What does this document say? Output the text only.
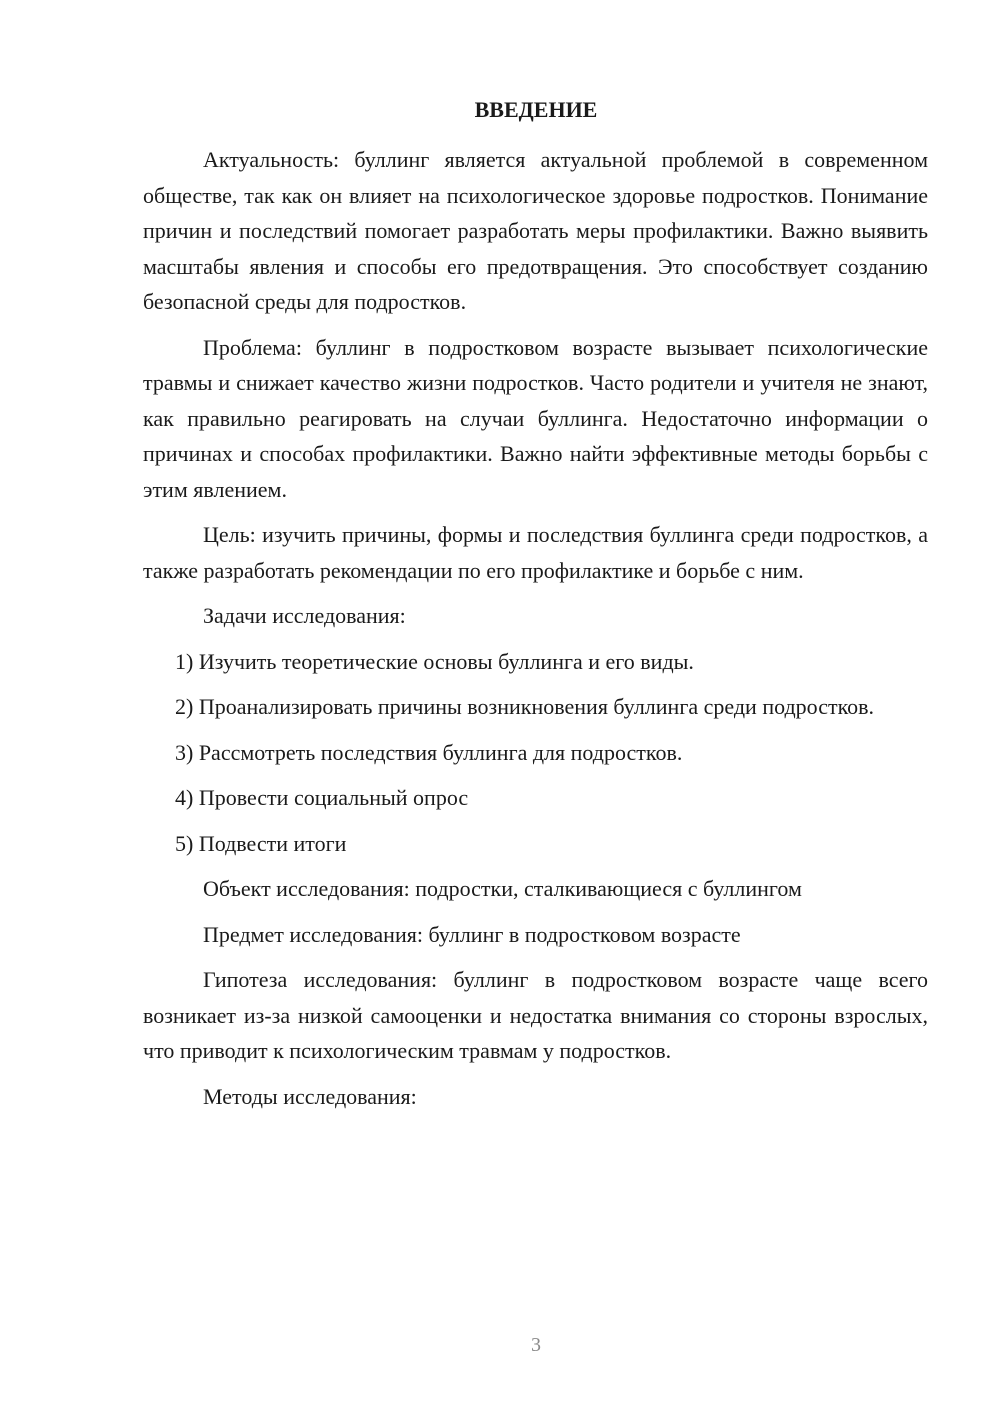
ВВЕДЕНИЕ

Актуальность: буллинг является актуальной проблемой в современном обществе, так как он влияет на психологическое здоровье подростков. Понимание причин и последствий помогает разработать меры профилактики. Важно выявить масштабы явления и способы его предотвращения. Это способствует созданию безопасной среды для подростков.

Проблема: буллинг в подростковом возрасте вызывает психологические травмы и снижает качество жизни подростков. Часто родители и учителя не знают, как правильно реагировать на случаи буллинга. Недостаточно информации о причинах и способах профилактики. Важно найти эффективные методы борьбы с этим явлением.

Цель: изучить причины, формы и последствия буллинга среди подростков, а также разработать рекомендации по его профилактике и борьбе с ним.

Задачи исследования:

1) Изучить теоретические основы буллинга и его виды.

2) Проанализировать причины возникновения буллинга среди подростков.

3) Рассмотреть последствия буллинга для подростков.

4) Провести социальный опрос

5) Подвести итоги

Объект исследования: подростки, сталкивающиеся с буллингом

Предмет исследования: буллинг в подростковом возрасте

Гипотеза исследования: буллинг в подростковом возрасте чаще всего возникает из-за низкой самооценки и недостатка внимания со стороны взрослых, что приводит к психологическим травмам у подростков.

Методы исследования:

3
